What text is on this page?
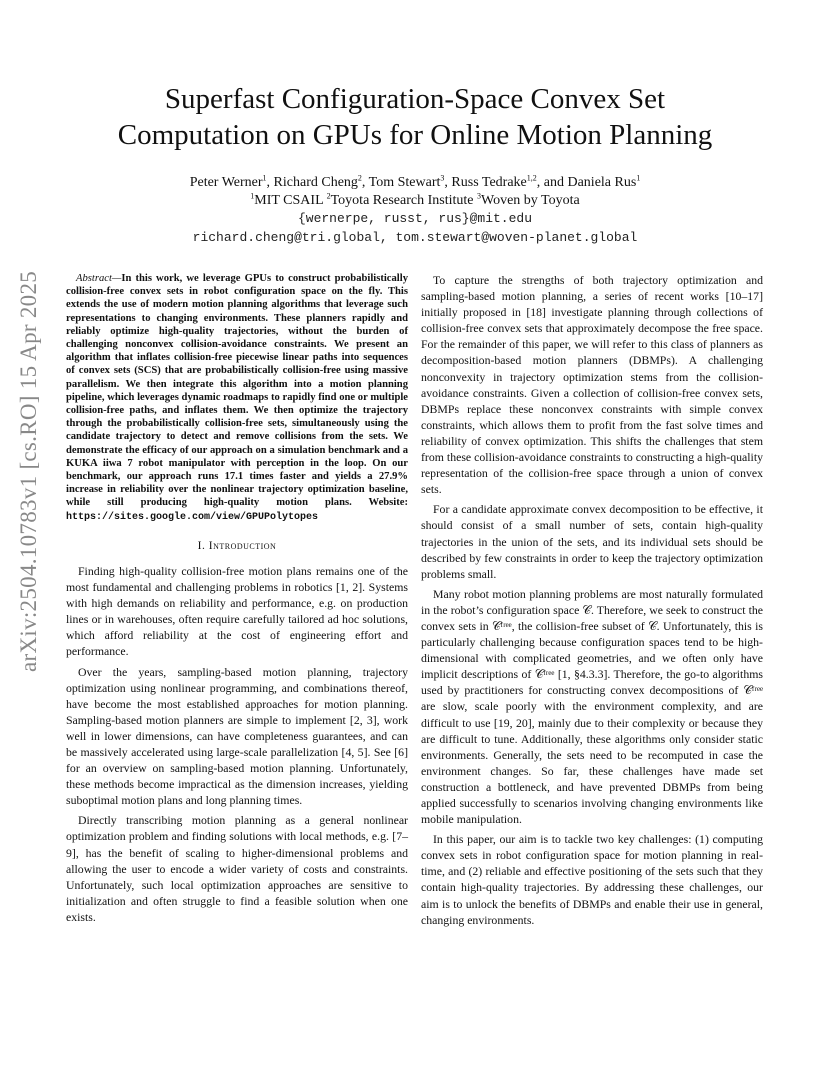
arXiv:2504.10783v1 [cs.RO] 15 Apr 2025
Superfast Configuration-Space Convex Set
Computation on GPUs for Online Motion Planning
Peter Werner$^1$, Richard Cheng$^2$, Tom Stewart$^3$, Russ Tedrake$^{1,2}$, and Daniela Rus$^1$
$^1$MIT CSAIL $^2$Toyota Research Institute $^3$Woven by Toyota
{wernerpe, russt, rus}@mit.edu
richard.cheng@tri.global, tom.stewart@woven-planet.global

Abstract—In this work, we leverage GPUs to construct probabilistically collision-free convex sets in robot configuration space on the fly. This extends the use of modern motion planning algorithms that leverage such representations to changing environments. These planners rapidly and reliably optimize high-quality trajectories, without the burden of challenging nonconvex collision-avoidance constraints. We present an algorithm that inflates collision-free piecewise linear paths into sequences of convex sets (SCS) that are probabilistically collision-free using massive parallelism. We then integrate this algorithm into a motion planning pipeline, which leverages dynamic roadmaps to rapidly find one or multiple collision-free paths, and inflates them. We then optimize the trajectory through the probabilistically collision-free sets, simultaneously using the candidate trajectory to detect and remove collisions from the sets. We demonstrate the efficacy of our approach on a simulation benchmark and a KUKA iiwa 7 robot manipulator with perception in the loop. On our benchmark, our approach runs 17.1 times faster and yields a 27.9% increase in reliability over the nonlinear trajectory optimization baseline, while still producing high-quality motion plans. Website: https://sites.google.com/view/GPUPolytopes

I. Introduction

Finding high-quality collision-free motion plans remains one of the most fundamental and challenging problems in robotics [1, 2]. Systems with high demands on reliability and performance, e.g. on production lines or in warehouses, often require carefully tailored ad hoc solutions, which afford reliability at the cost of engineering effort and performance.

Over the years, sampling-based motion planning, trajectory optimization using nonlinear programming, and combinations thereof, have become the most established approaches for motion planning. Sampling-based motion planners are simple to implement [2, 3], work well in lower dimensions, can have completeness guarantees, and can be massively accelerated using large-scale parallelization [4, 5]. See [6] for an overview on sampling-based motion planning. Unfortunately, these methods become impractical as the dimension increases, yielding suboptimal motion plans and long planning times.

Directly transcribing motion planning as a general nonlinear optimization problem and finding solutions with local methods, e.g. [7–9], has the benefit of scaling to higher-dimensional problems and allowing the user to encode a wider variety of costs and constraints. Unfortunately, such local optimization approaches are sensitive to initialization and often struggle to find a feasible solution when one exists.

To capture the strengths of both trajectory optimization and sampling-based motion planning, a series of recent works [10–17] initially proposed in [18] investigate planning through collections of collision-free convex sets that approximately decompose the free space. For the remainder of this paper, we will refer to this class of planners as decomposition-based motion planners (DBMPs). A challenging nonconvexity in trajectory optimization stems from the collision-avoidance constraints. Given a collection of collision-free convex sets, DBMPs replace these nonconvex constraints with simple convex constraints, which allows them to profit from the fast solve times and reliability of convex optimization. This shifts the challenges that stem from these collision-avoidance constraints to constructing a high-quality representation of the collision-free space through a union of convex sets.

For a candidate approximate convex decomposition to be effective, it should consist of a small number of sets, contain high-quality trajectories in the union of the sets, and its individual sets should be described by few constraints in order to keep the trajectory optimization problems small.

Many robot motion planning problems are most naturally formulated in the robot’s configuration space 𝒞. Therefore, we seek to construct the convex sets in 𝒞ᶠʳᵉᵉ, the collision-free subset of 𝒞. Unfortunately, this is particularly challenging because configuration spaces tend to be high-dimensional with complicated geometries, and we often only have implicit descriptions of 𝒞ᶠʳᵉᵉ [1, §4.3.3]. Therefore, the go-to algorithms used by practitioners for constructing convex decompositions of 𝒞ᶠʳᵉᵉ are slow, scale poorly with the environment complexity, and are difficult to use [19, 20], mainly due to their complexity or because they are difficult to tune. Additionally, these algorithms only consider static environments. Generally, the sets need to be recomputed in case the environment changes. So far, these challenges have made set construction a bottleneck, and have prevented DBMPs from being applied successfully to scenarios involving changing environments like mobile manipulation.

In this paper, our aim is to tackle two key challenges: (1) computing convex sets in robot configuration space for motion planning in real-time, and (2) reliable and effective positioning of the sets such that they contain high-quality trajectories. By addressing these challenges, our aim is to unlock the benefits of DBMPs and enable their use in general, changing environments.
